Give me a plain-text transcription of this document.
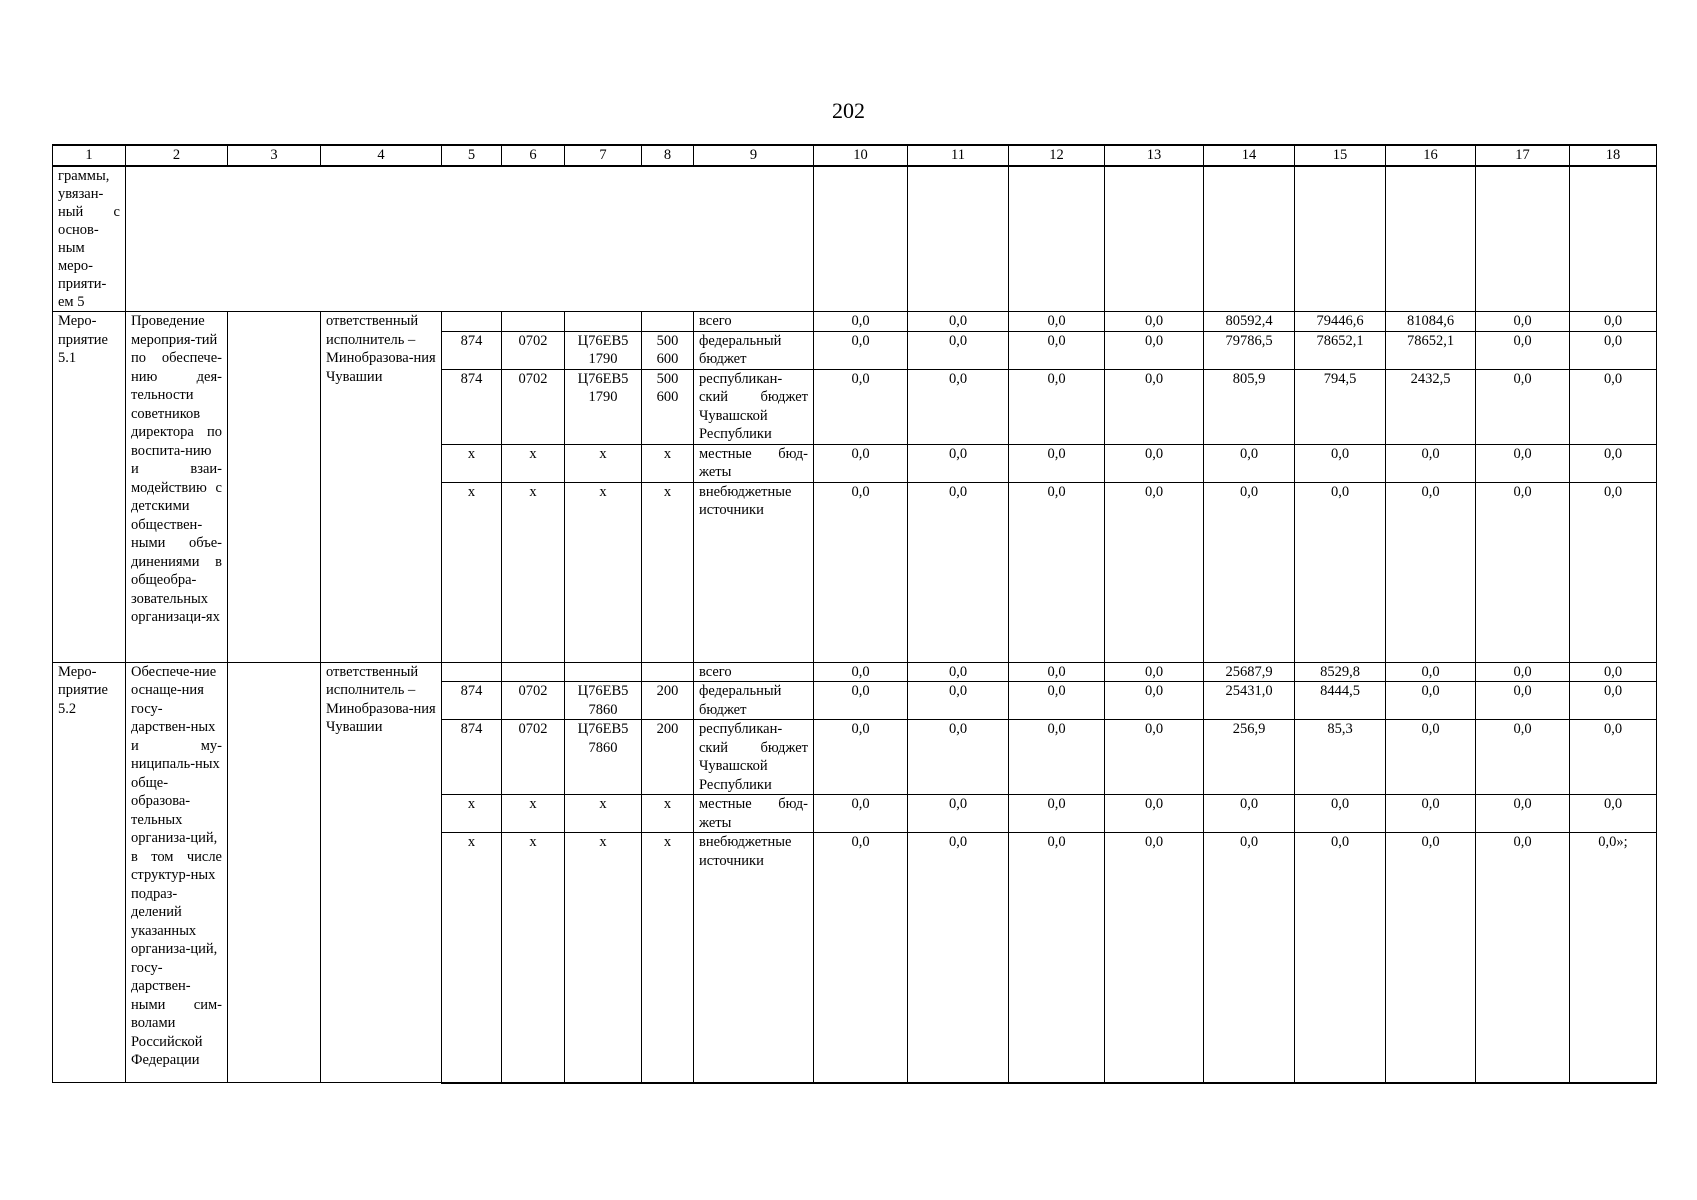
202
1	2	3	4	5	6	7	8	9	10	11	12	13	14	15	16	17	18
граммы, увязан-ный с основ-ным меро-прияти-ем 5																	
Меро-приятие 5.1	Проведение мероприя-тий по обеспече-нию дея-тельности советников директора по воспита-нию и взаи-модействию с детскими обществен-ными объе-динениями в общеобра-зовательных организаци-ях		ответственный исполнитель – Минобразова-ния Чувашии					всего	0,0	0,0	0,0	0,0	80592,4	79446,6	81084,6	0,0	0,0
				874	0702	Ц76ЕВ5 1790	500 600	федеральный бюджет	0,0	0,0	0,0	0,0	79786,5	78652,1	78652,1	0,0	0,0
				874	0702	Ц76ЕВ5 1790	500 600	республикан-ский бюджет Чувашской Республики	0,0	0,0	0,0	0,0	805,9	794,5	2432,5	0,0	0,0
				х	х	х	х	местные бюд-жеты	0,0	0,0	0,0	0,0	0,0	0,0	0,0	0,0	0,0
				х	х	х	х	внебюджетные источники	0,0	0,0	0,0	0,0	0,0	0,0	0,0	0,0	0,0
Меро-приятие 5.2	Обеспече-ние оснаще-ния госу-дарствен-ных и му-ниципаль-ных обще-образова-тельных организа-ций, в том числе структур-ных подраз-делений указанных организа-ций, госу-дарствен-ными сим-волами Российской Федерации		ответственный исполнитель – Минобразова-ния Чувашии					всего	0,0	0,0	0,0	0,0	25687,9	8529,8	0,0	0,0	0,0
				874	0702	Ц76ЕВ5 7860	200	федеральный бюджет	0,0	0,0	0,0	0,0	25431,0	8444,5	0,0	0,0	0,0
				874	0702	Ц76ЕВ5 7860	200	республикан-ский бюджет Чувашской Республики	0,0	0,0	0,0	0,0	256,9	85,3	0,0	0,0	0,0
				х	х	х	х	местные бюд-жеты	0,0	0,0	0,0	0,0	0,0	0,0	0,0	0,0	0,0
				х	х	х	х	внебюджетные источники	0,0	0,0	0,0	0,0	0,0	0,0	0,0	0,0	0,0»;
